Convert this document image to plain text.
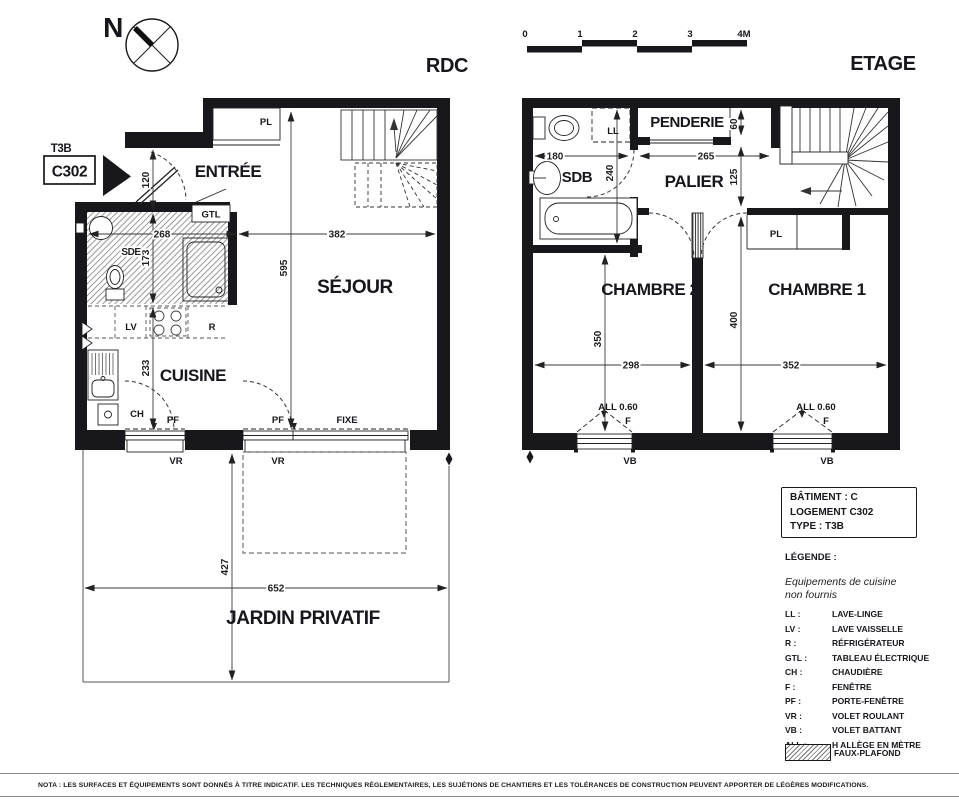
N	0	1	2	3	4M
RDC	ETAGE
T3B
C302
PL
GTL
LV	R
CH
PF
VR
PF	FIXE
VR
120
173
268	382
233
595
427
652
ENTRÉE
SDE
SÉJOUR
CUISINE
JARDIN PRIVATIF
PL
LL
ALL 0.60
F
VB
ALL 0.60
F
VB
180	265
60
125
240
400
350
298	352
SDB	PALIER
PENDERIE
CHAMBRE 2	CHAMBRE 1
BÂTIMENT : C
LOGEMENT C302
TYPE : T3B
LÉGENDE :
Equipements de cuisine
non fournis
LL :	LAVE-LINGE
LV :	LAVE VAISSELLE
R :	RÉFRIGÉRATEUR
GTL :	TABLEAU ÉLECTRIQUE
CH :	CHAUDIÈRE
F :	FENÊTRE
PF :	PORTE-FENÊTRE
VR :	VOLET ROULANT
VB :	VOLET BATTANT
H ALLÈGE EN MÈTRE
FAUX-PLAFOND
NOTA : LES SURFACES ET ÉQUIPEMENTS SONT DONNÉS À TITRE INDICATIF. LES TECHNIQUES RÉGLEMENTAIRES, LES SUJÉTIONS DE CHANTIERS ET LES TOLÉRANCES DE CONSTRUCTION PEUVENT APPORTER DE LÉGÈRES MODIFICATIONS.
